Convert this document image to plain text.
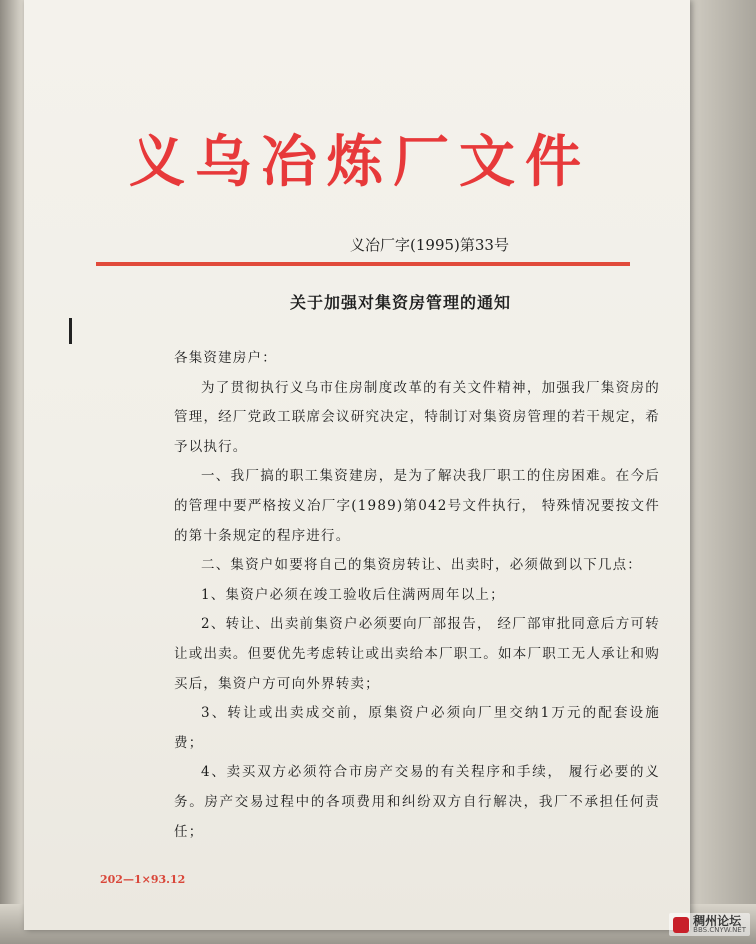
义乌冶炼厂文件
义冶厂字(1995)第33号
关于加强对集资房管理的通知

各集资建房户：

为了贯彻执行义乌市住房制度改革的有关文件精神，加强我厂集资房的管理，经厂党政工联席会议研究决定，特制订对集资房管理的若干规定，希予以执行。

一、我厂搞的职工集资建房，是为了解决我厂职工的住房困难。在今后的管理中要严格按义冶厂字(1989)第042号文件执行， 特殊情况要按文件的第十条规定的程序进行。

二、集资户如要将自己的集资房转让、出卖时，必须做到以下几点：

1、集资户必须在竣工验收后住满两周年以上；

2、转让、出卖前集资户必须要向厂部报告， 经厂部审批同意后方可转让或出卖。但要优先考虑转让或出卖给本厂职工。如本厂职工无人承让和购买后，集资户方可向外界转卖；

3、转让或出卖成交前，原集资户必须向厂里交纳1万元的配套设施费；

4、卖买双方必须符合市房产交易的有关程序和手续， 履行必要的义务。房产交易过程中的各项费用和纠纷双方自行解决，我厂不承担任何责任；

202—1×93.12
稠州论坛
BBS.CNYW.NET
